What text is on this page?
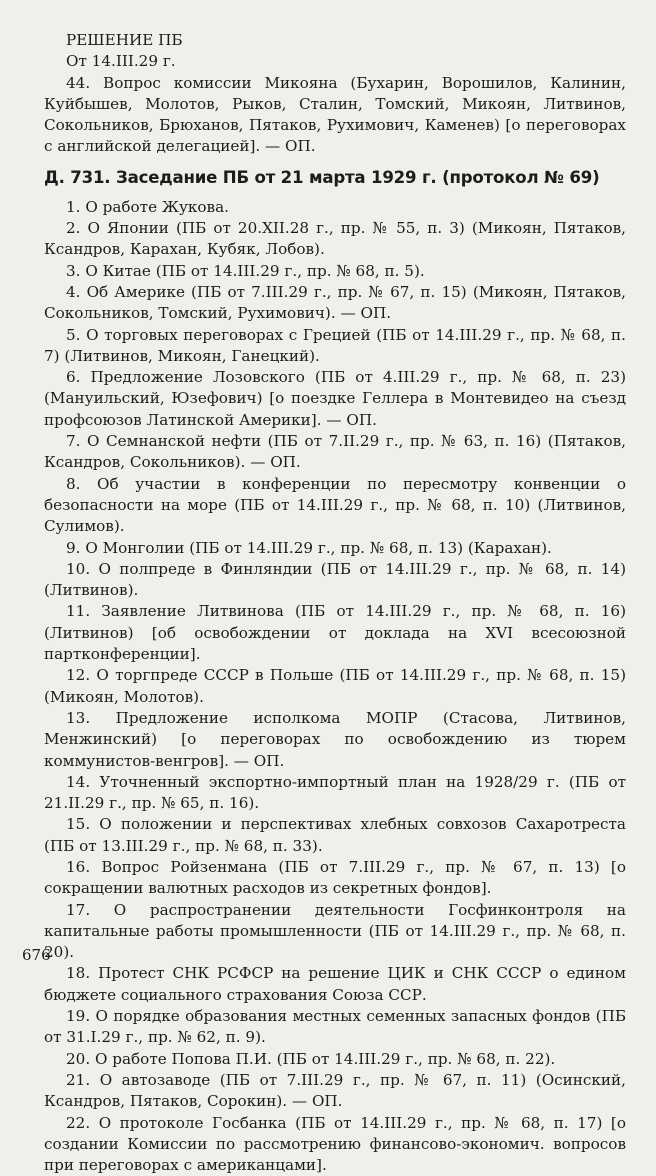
РЕШЕНИЕ ПБ

От 14.III.29 г.

44. Вопрос комиссии Микояна (Бухарин, Ворошилов, Калинин, Куйбышев, Молотов, Рыков, Сталин, Томский, Микоян, Литвинов, Сокольников, Брюханов, Пятаков, Рухимович, Каменев) [о переговорах с английской делегацией]. — ОП.

Д. 731. Заседание ПБ от 21 марта 1929 г. (протокол № 69)

1. О работе Жукова.

2. О Японии (ПБ от 20.XII.28 г., пр. № 55, п. 3) (Микоян, Пятаков, Ксандров, Карахан, Кубяк, Лобов).

3. О Китае (ПБ от 14.III.29 г., пр. № 68, п. 5).

4. Об Америке (ПБ от 7.III.29 г., пр. № 67, п. 15) (Микоян, Пятаков, Сокольников, Томский, Рухимович). — ОП.

5. О торговых переговорах с Грецией (ПБ от 14.III.29 г., пр. № 68, п. 7) (Литвинов, Микоян, Ганецкий).

6. Предложение Лозовского (ПБ от 4.III.29 г., пр. № 68, п. 23) (Мануильский, Юзефович) [о поездке Геллера в Монтевидео на съезд профсоюзов Латинской Америки]. — ОП.

7. О Семнанской нефти (ПБ от 7.II.29 г., пр. № 63, п. 16) (Пятаков, Ксандров, Сокольников). — ОП.

8. Об участии в конференции по пересмотру конвенции о безопасности на море (ПБ от 14.III.29 г., пр. № 68, п. 10) (Литвинов, Сулимов).

9. О Монголии (ПБ от 14.III.29 г., пр. № 68, п. 13) (Карахан).

10. О полпреде в Финляндии (ПБ от 14.III.29 г., пр. № 68, п. 14) (Литвинов).

11. Заявление Литвинова (ПБ от 14.III.29 г., пр. № 68, п. 16) (Литвинов) [об освобождении от доклада на XVI всесоюзной партконференции].

12. О торгпреде СССР в Польше (ПБ от 14.III.29 г., пр. № 68, п. 15) (Микоян, Молотов).

13. Предложение исполкома МОПР (Стасова, Литвинов, Менжинский) [о переговорах по освобождению из тюрем коммунистов-венгров]. — ОП.

14. Уточненный экспортно-импортный план на 1928/29 г. (ПБ от 21.II.29 г., пр. № 65, п. 16).

15. О положении и перспективах хлебных совхозов Сахаротреста (ПБ от 13.III.29 г., пр. № 68, п. 33).

16. Вопрос Ройзенмана (ПБ от 7.III.29 г., пр. № 67, п. 13) [о сокращении валютных расходов из секретных фондов].

17. О распространении деятельности Госфинконтроля на капитальные работы промышленности (ПБ от 14.III.29 г., пр. № 68, п. 20).

18. Протест СНК РСФСР на решение ЦИК и СНК СССР о едином бюджете социального страхования Союза ССР.

19. О порядке образования местных семенных запасных фондов (ПБ от 31.I.29 г., пр. № 62, п. 9).

20. О работе Попова П.И. (ПБ от 14.III.29 г., пр. № 68, п. 22).

21. О автозаводе (ПБ от 7.III.29 г., пр. № 67, п. 11) (Осинский, Ксандров, Пятаков, Сорокин). — ОП.

22. О протоколе Госбанка (ПБ от 14.III.29 г., пр. № 68, п. 17) [о создании Комиссии по рассмотрению финансово-экономич. вопросов при переговорах с американцами].

676
